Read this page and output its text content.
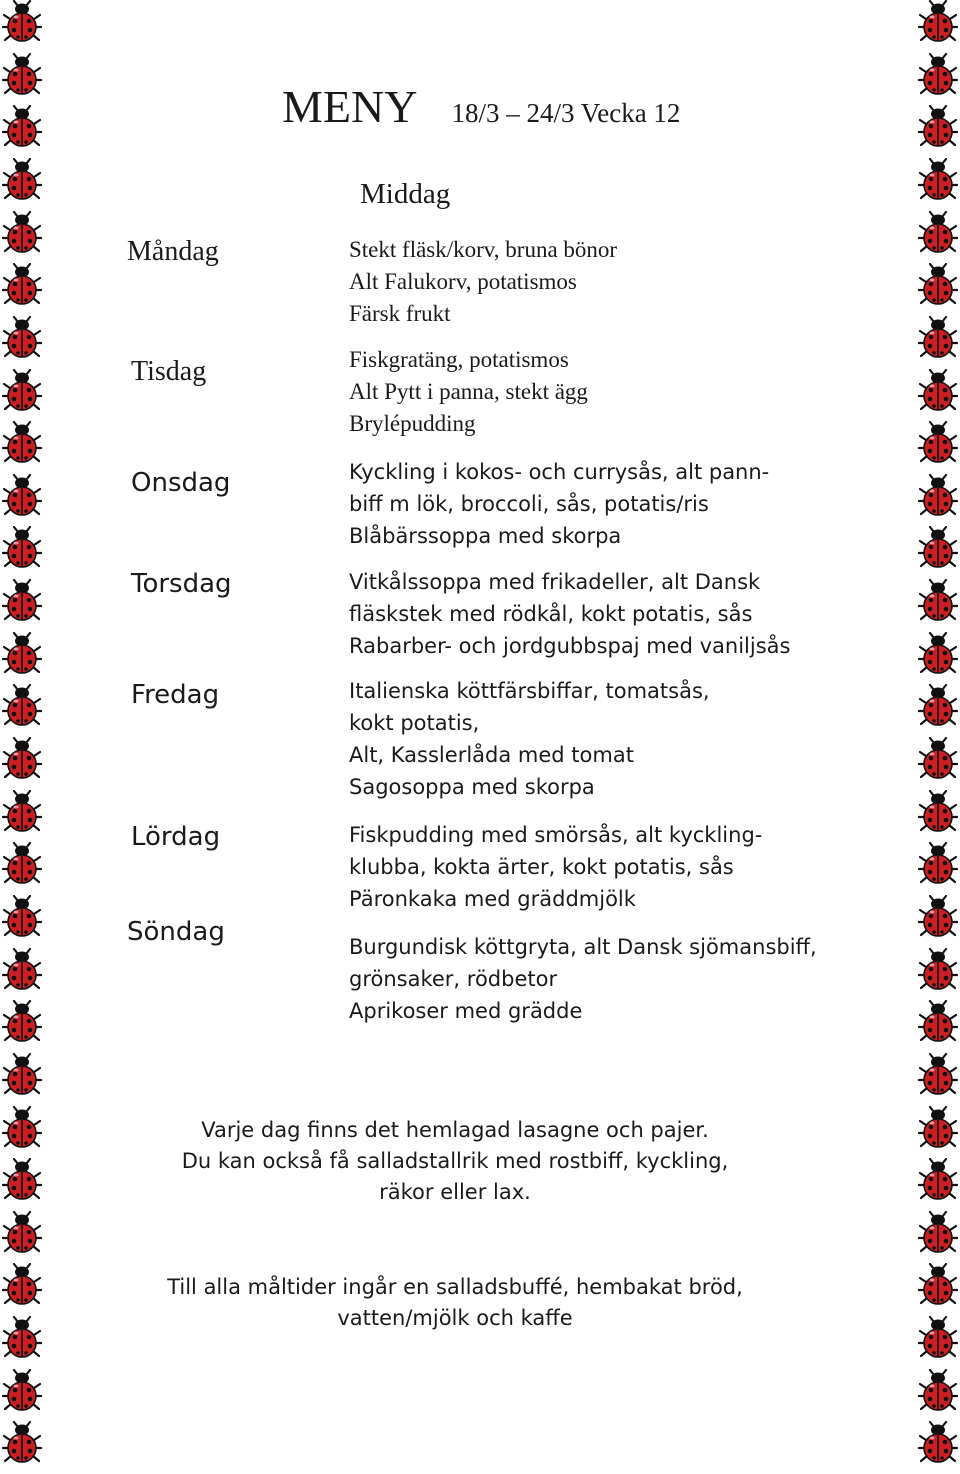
MENY 18/3 – 24/3 Vecka 12
Middag
Måndag	Stekt fläsk/korv, bruna bönor
Alt Falukorv, potatismos
Färsk frukt
Tisdag	Fiskgratäng, potatismos
Alt Pytt i panna, stekt ägg
Brylépudding
Onsdag	Kyckling i kokos- och currysås, alt pann-
biff m lök, broccoli, sås, potatis/ris
Blåbärssoppa med skorpa
Torsdag	Vitkålssoppa med frikadeller, alt Dansk
fläskstek med rödkål, kokt potatis, sås
Rabarber- och jordgubbspaj med vaniljsås
Fredag	Italienska köttfärsbiffar, tomatsås,
kokt potatis,
Alt, Kasslerlåda med tomat
Sagosoppa med skorpa
Lördag	Fiskpudding med smörsås, alt kyckling-
klubba, kokta ärter, kokt potatis, sås
Päronkaka med gräddmjölk
Söndag	Burgundisk köttgryta, alt Dansk sjömansbiff,
grönsaker, rödbetor
Aprikoser med grädde
Varje dag finns det hemlagad lasagne och pajer.
Du kan också få salladstallrik med rostbiff, kyckling,
räkor eller lax.
Till alla måltider ingår en salladsbuffé, hembakat bröd,
vatten/mjölk och kaffe
